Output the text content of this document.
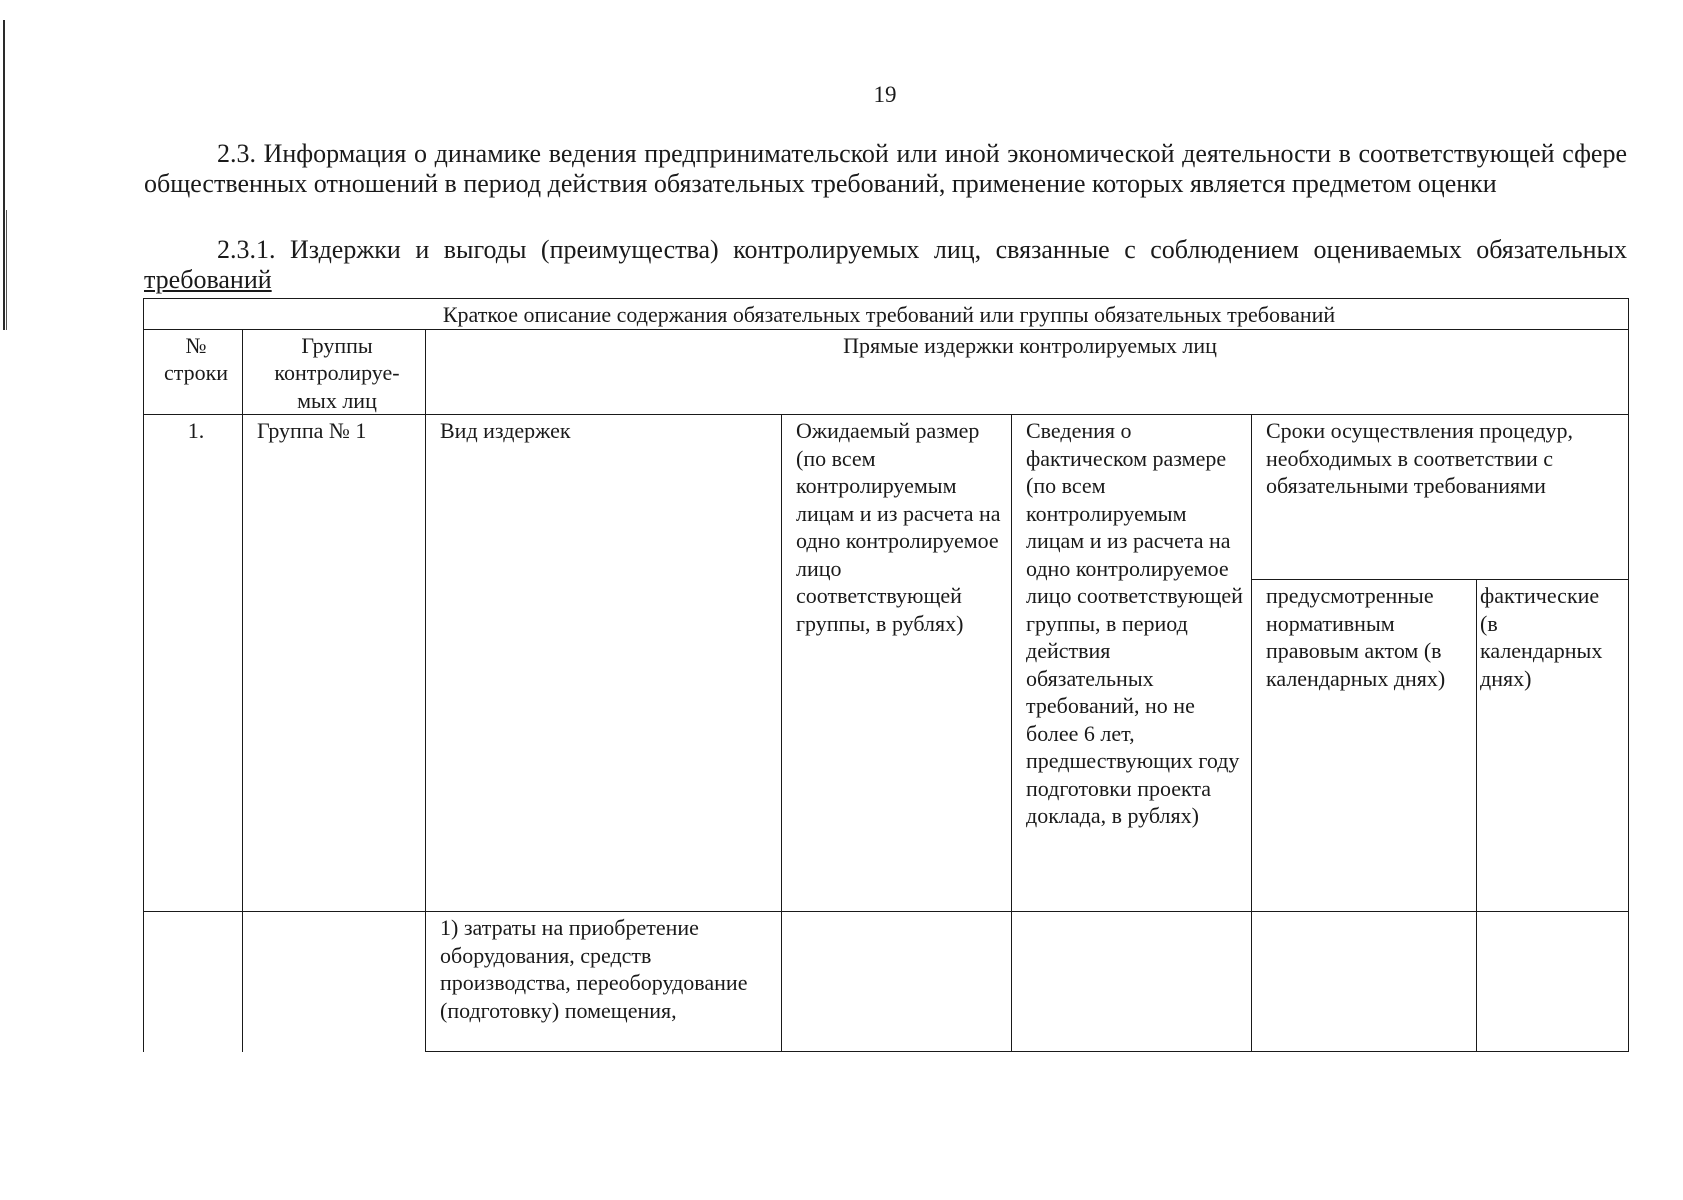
19

2.3. Информация о динамике ведения предпринимательской или иной экономической деятельности в соответствующей сфере общественных отношений в период действия обязательных требований, применение которых является предметом оценки

2.3.1. Издержки и выгоды (преимущества) контролируемых лиц, связанные с соблюдением оцениваемых обязательных требований

Краткое описание содержания обязательных требований или группы обязательных требований						
№ строки	Группы контролируе-мых лиц	Прямые издержки контролируемых лиц				
1.	Группа № 1	Вид издержек	Ожидаемый размер (по всем контролируемым лицам и из расчета на одно контролируемое лицо соответствующей группы, в рублях)	Сведения о фактическом размере (по всем контролируемым лицам и из расчета на одно контролируемое лицо соответствующей группы, в период действия обязательных требований, но не более 6 лет, предшествующих году подготовки проекта доклада, в рублях)	Сроки осуществления процедур, необходимых в соответствии с обязательными требованиями	
					предусмотренные нормативным правовым актом (в календарных днях)	фактические (в календарных днях)
		1) затраты на приобретение оборудования, средств производства, переоборудование (подготовку) помещения,				
